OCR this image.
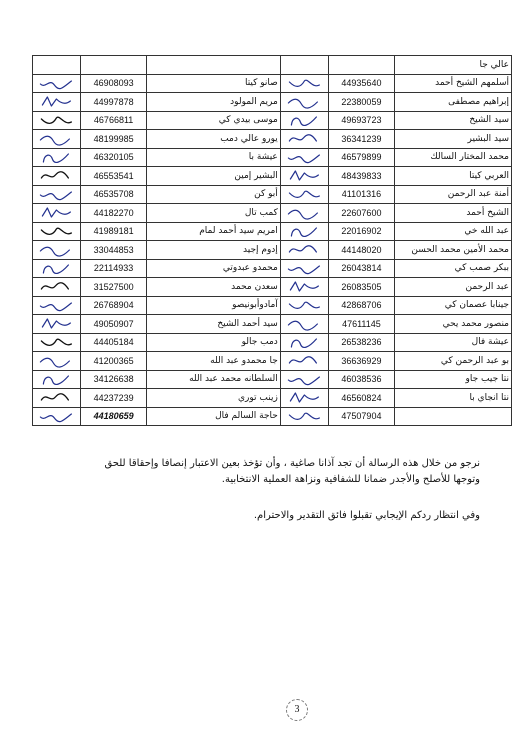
					عالي جا

	46908093	صانو كيتا		44935640	أسلمهم الشيخ أحمد

	44997878	مريم المولود		22380059	إبراهيم مصطفى

	46766811	موسى بيدي كي		49693723	سيد الشيخ

	48199985	يورو عالي دمب		36341239	سيد البشير

	46320105	عيشة با		46579899	محمد المختار السالك

	46553541	البشير إمين		48439833	العربي كيتا

	46535708	أبو كن		41101316	أمنة عبد الرحمن

	44182270	كمب تال		22607600	الشيخ أحمد

	41989181	امريم سيد أحمد لمام		22016902	عبد الله خي

	33044853	إدوم إجيد		44148020	محمد الأمين محمد الحسن

	22114933	محمدو عبدوتي		26043814	ببكر صمب كي

	31527500	سعدن محمد		26083505	عبد الرحمن

	26768904	آمادوأبونيصو		42868706	جينابا عصمان كي

	49050907	سيد أحمد الشيخ		47611145	منصور محمد يحي

	44405184	دمب جالو		26538236	عيشة فال

	41200365	جا محمدو عبد الله		36636929	بو عبد الرحمن كي

	34126638	السلطانه محمد عبد الله		46038536	نتا جيب جاو

	44237239	زينب توري		46560824	نتا انجاي با

	44180659	حاجة السالم فال		47507904	
نرجو من خلال هذه الرسالة أن تجد آذانا صاغية ، وأن تؤخذ بعين الاعتبار إنصافا وإحقاقا للحق
وتوجها للأصلح والأجدر ضمانا للشفافية ونزاهة العملية الانتخابية.
وفي انتظار ردكم الإيجابي تقبلوا فائق التقدير والاحترام.
3
